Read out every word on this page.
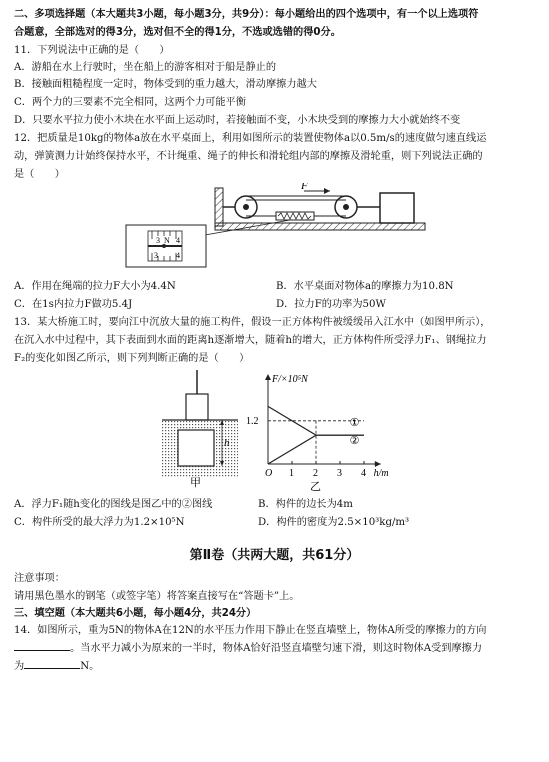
二、多项选择题（本大题共3小题，每小题3分，共9分）：每小题给出的四个选项中，有一个以上选项符
合题意，全部选对的得3分，选对但不全的得1分，不选或选错的得0分。
11．下列说法中正确的是（　　）
A．游船在水上行驶时，坐在船上的游客相对于船是静止的
B．接触面粗糙程度一定时，物体受到的重力越大，滑动摩擦力越大
C．两个力的三要素不完全相同，这两个力可能平衡
D．只要水平拉力使小木块在水平面上运动时，若接触面不变，小木块受到的摩擦力大小就始终不变
12．把质量是10kg的物体a放在水平桌面上，利用如图所示的装置使物体a以0.5m/s的速度做匀速直线运
动，弹簧测力计始终保持水平，不计绳重、绳子的伸长和滑轮组内部的摩擦及滑轮重，则下列说法正确的
是（　　）
F
3 N 4
3 4
A．作用在绳端的拉力F大小为4.4N	B．水平桌面对物体a的摩擦力为10.8N
C．在1s内拉力F做功5.4J	D．拉力F的功率为50W
13．某大桥施工时，要向江中沉放大量的施工构件，假设一正方体构件被缓缓吊入江水中（如图甲所示），
在沉入水中过程中，其下表面到水面的距离h逐渐增大，随着h的增大，正方体构件所受浮力F₁、钢绳拉力
F₂的变化如图乙所示，则下列判断正确的是（　　）
h
甲
F/×10⁵N
h/m
O 1 2 3 4
1.2	①
②
乙
A．浮力F₁随h变化的图线是图乙中的②图线	B．构件的边长为4m
C．构件所受的最大浮力为1.2×10⁵N	D．构件的密度为2.5×10³kg/m³
第Ⅱ卷（共两大题，共61分）
注意事项：
请用黑色墨水的钢笔（或签字笔）将答案直接写在“答题卡”上。
三、填空题（本大题共6小题，每小题4分，共24分）
14．如图所示，重为5N的物体A在12N的水平压力作用下静止在竖直墙壁上，物体A所受的摩擦力的方向
。当水平力减小为原来的一半时，物体A恰好沿竖直墙壁匀速下滑，则这时物体A受到摩擦力
为	N。
